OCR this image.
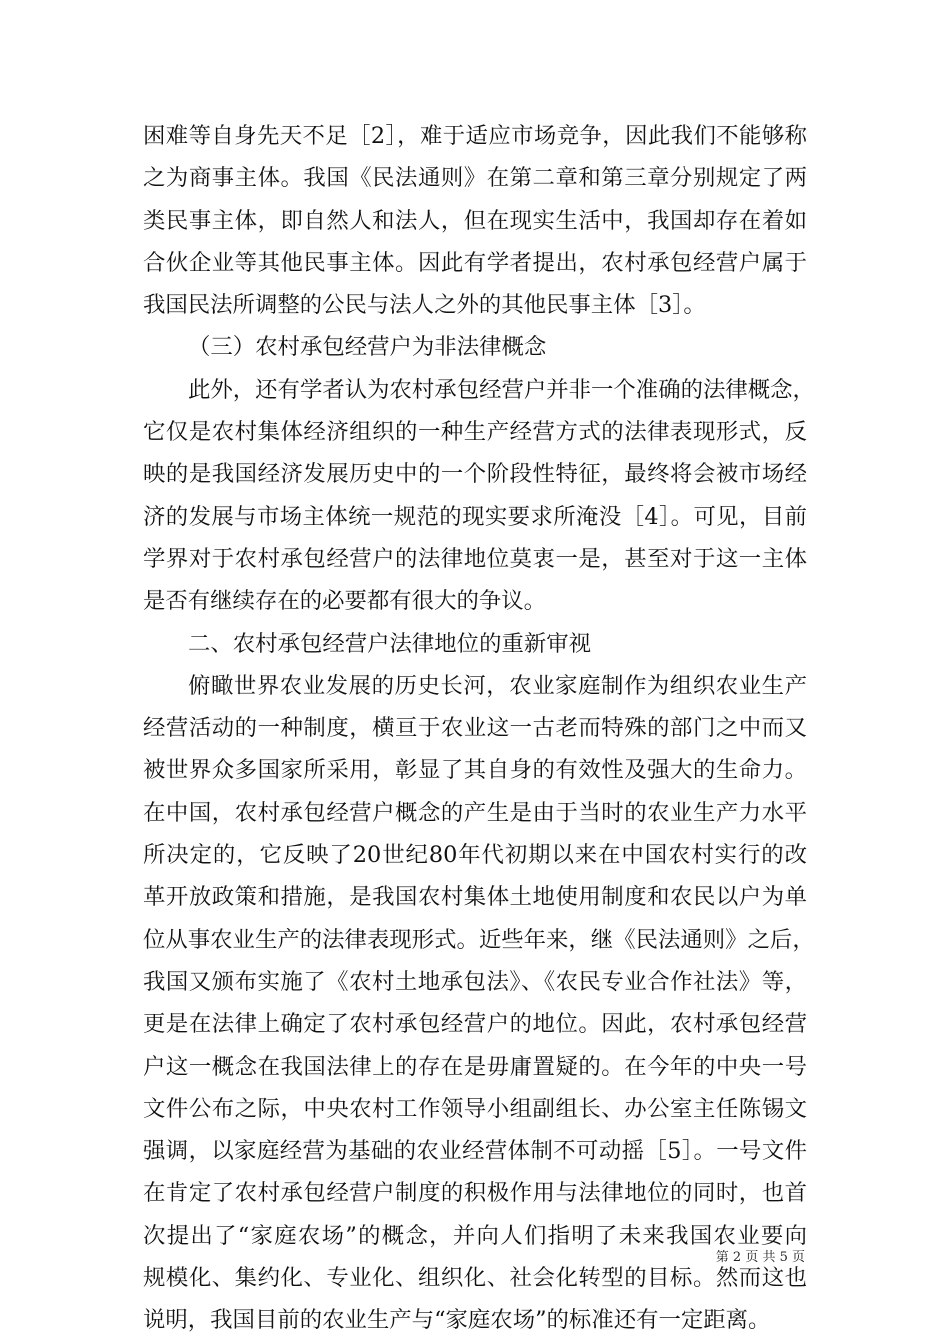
困难等自身先天不足［2］，难于适应市场竞争，因此我们不能够称
之为商事主体。我国《民法通则》在第二章和第三章分别规定了两
类民事主体，即自然人和法人，但在现实生活中，我国却存在着如
合伙企业等其他民事主体。因此有学者提出，农村承包经营户属于
我国民法所调整的公民与法人之外的其他民事主体［3］。
（三）农村承包经营户为非法律概念
此外，还有学者认为农村承包经营户并非一个准确的法律概念，
它仅是农村集体经济组织的一种生产经营方式的法律表现形式，反
映的是我国经济发展历史中的一个阶段性特征，最终将会被市场经
济的发展与市场主体统一规范的现实要求所淹没［4］。可见，目前
学界对于农村承包经营户的法律地位莫衷一是，甚至对于这一主体
是否有继续存在的必要都有很大的争议。
二、农村承包经营户法律地位的重新审视
俯瞰世界农业发展的历史长河，农业家庭制作为组织农业生产
经营活动的一种制度，横亘于农业这一古老而特殊的部门之中而又
被世界众多国家所采用，彰显了其自身的有效性及强大的生命力。
在中国，农村承包经营户概念的产生是由于当时的农业生产力水平
所决定的，它反映了20世纪80年代初期以来在中国农村实行的改
革开放政策和措施，是我国农村集体土地使用制度和农民以户为单
位从事农业生产的法律表现形式。近些年来，继《民法通则》之后，
我国又颁布实施了《农村土地承包法》、《农民专业合作社法》等，
更是在法律上确定了农村承包经营户的地位。因此，农村承包经营
户这一概念在我国法律上的存在是毋庸置疑的。在今年的中央一号
文件公布之际，中央农村工作领导小组副组长、办公室主任陈锡文
强调，以家庭经营为基础的农业经营体制不可动摇［5］。一号文件
在肯定了农村承包经营户制度的积极作用与法律地位的同时，也首
次提出了“家庭农场”的概念，并向人们指明了未来我国农业要向
规模化、集约化、专业化、组织化、社会化转型的目标。然而这也
说明，我国目前的农业生产与“家庭农场”的标准还有一定距离。
第 2 页 共 5 页
